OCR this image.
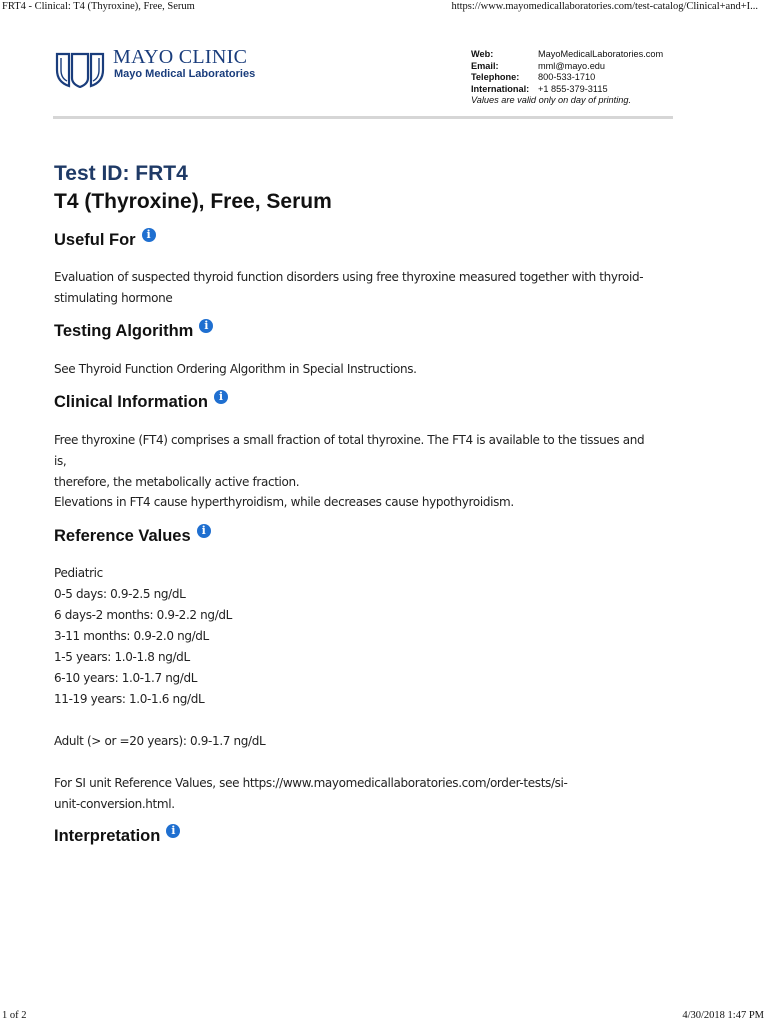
FRT4 - Clinical: T4 (Thyroxine), Free, Serum	https://www.mayomedicallaboratories.com/test-catalog/Clinical+and+I...
MAYO CLINIC
Mayo Medical Laboratories
Web:	MayoMedicalLaboratories.com
Email:	mml@mayo.edu
Telephone:	800-533-1710
International: +1 855-379-3115
Values are valid only on day of printing.
Test ID: FRT4
T4 (Thyroxine), Free, Serum
Useful For i
Evaluation of suspected thyroid function disorders using free thyroxine measured together with thyroid-
stimulating hormone
Testing Algorithm i
See Thyroid Function Ordering Algorithm in Special Instructions.
Clinical Information i
Free thyroxine (FT4) comprises a small fraction of total thyroxine. The FT4 is available to the tissues and is,
therefore, the metabolically active fraction.
Elevations in FT4 cause hyperthyroidism, while decreases cause hypothyroidism.
Reference Values i
Pediatric
0-5 days: 0.9-2.5 ng/dL
6 days-2 months: 0.9-2.2 ng/dL
3-11 months: 0.9-2.0 ng/dL
1-5 years: 1.0-1.8 ng/dL
6-10 years: 1.0-1.7 ng/dL
11-19 years: 1.0-1.6 ng/dL
Adult (> or =20 years): 0.9-1.7 ng/dL
For SI unit Reference Values, see https://www.mayomedicallaboratories.com/order-tests/si-
unit-conversion.html.
Interpretation i
1 of 2	4/30/2018 1:47 PM
